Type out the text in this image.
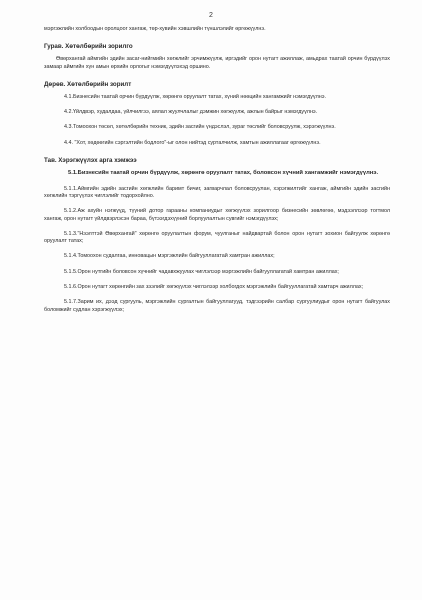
2

мэргэжлийн холбоодын оролцоог хангаж, төр-хувийн хэвшлийн түншлэлийг өргөжүүлнэ.

Гурав. Хөтөлбөрийн зорилго

Өвөрхангай аймгийн эдийн засаг-нийгмийн хөгжлийг эрчимжүүлж, иргэдийг орон нутагт ажиллаж, амьдрах таатай орчин бүрдүүлэх замаар аймгийн хүн амын өрхийн орлогыг нэмэгдүүлэхэд оршино.

Дөрөв. Хөтөлбөрийн зорилт

4.1.Бизнесийн таатай орчин бүрдүүлж, хөрөнгө оруулалт татах, хүний нөөцийн хангамжийг нэмэгдүүлнэ.

4.2.Үйлдвэр, худалдаа, үйлчилгээ, аялал жуулчлалыг дэмжин хөгжүүлж, ажлын байрыг нэмэгдүүлнэ.

4.3.Томоохон төсөл, хөтөлбөрийн техник, эдийн засгийн үндэслэл, зураг төслийг боловсруулж, хэрэгжүүлнэ.

4.4. "Хот, хөдөөгийн сэргэлтийн бодлого"-ыг олон нийтэд сурталчилж, хамтын ажиллагааг өргөжүүлнэ.

Тав. Хэрэгжүүлэх арга хэмжээ
5.1.Бизнесийн таатай орчин бүрдүүлж, хөрөнгө оруулалт татах, боловсон хүчний хангамжийг нэмэгдүүлнэ.

5.1.1.Аймгийн эдийн засгийн хөгжлийн баримт бичиг, загварчлал боловсруулан, хэрэгжилтийг хангаж, аймгийн эдийн засгийн хөгжлийн тэргүүлэх чиглэлийг тодорхойлно.

5.1.2.Аж ахуйн нэгжүүд, түүний дотор гарааны компаниудыг хөгжүүлэх зорилгоор бизнесийн зөвлөгөө, мэдээллээр тогтмол хангаж, орон нутагт үйлдвэрлэсэн бараа, бүтээгдэхүүний борлуулалтын сувгийг нэмэгдүүлэх;

5.1.3."Нээлттэй Өвөрхангай" хөрөнгө оруулалтын форум, чуулганыг найдвартай болон орон нутагт зохион байгуулж хөрөнгө оруулалт татах;

5.1.4.Томоохон судалгаа, инновацын мэргэжлийн байгууллагатай хамтран ажиллах;

5.1.5.Орон нутгийн боловсон хүчнийг чадавхжуулах чиглэлээр мэргэжлийн байгууллагатай хамтран ажиллах;

5.1.6.Орон нутагт хөрөнгийн зах зээлийг хөгжүүлэх чиглэлээр холбогдох мэргэжлийн байгууллагатай хамтарч ажиллах;

5.1.7.Зарим их, дээд сургууль, мэргэжлийн сургалтын байгууллагууд, тэдгээрийн салбар сургуулиудыг орон нутагт байгуулах боломжийг судлан хэрэгжүүлэх;
